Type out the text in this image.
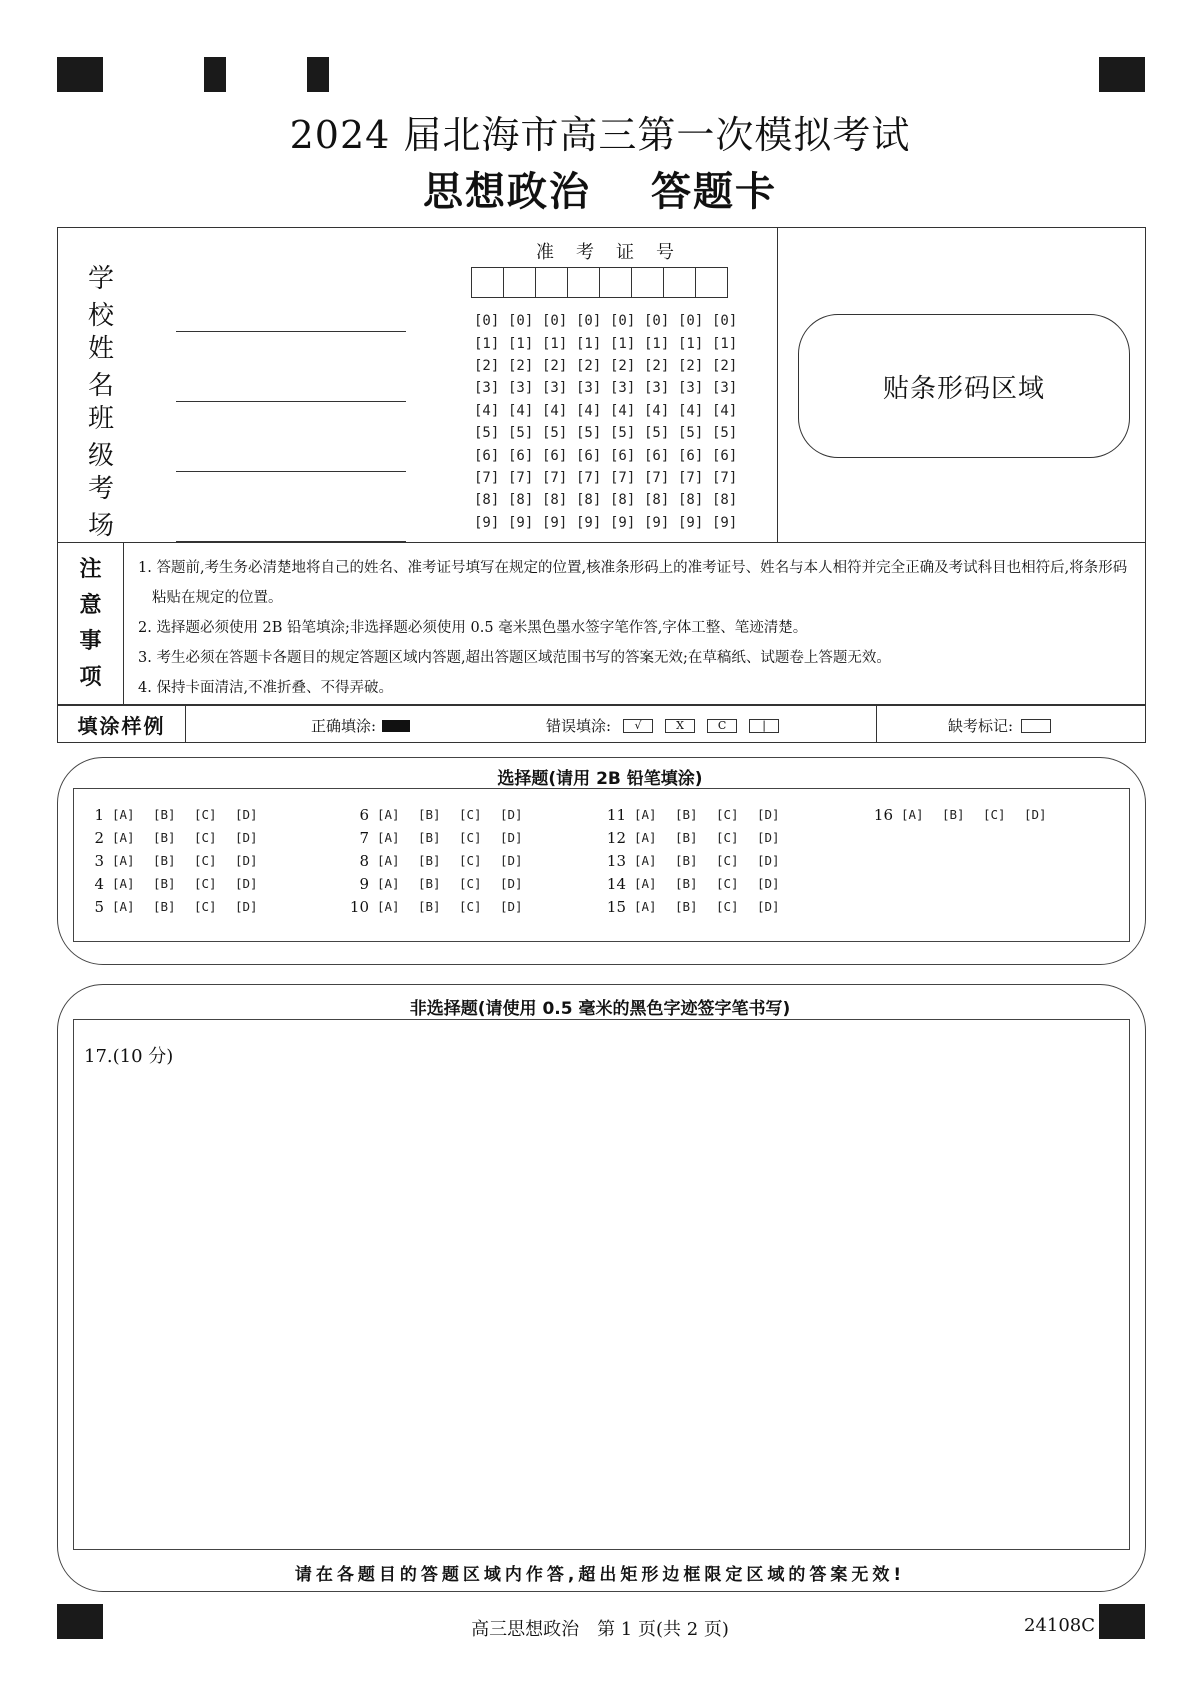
2024 届北海市高三第一次模拟考试
思想政治 答题卡
学校
姓名
班级
考场
准考证号
[0] [0] [0] [0] [0] [0] [0] [0]
[1] [1] [1] [1] [1] [1] [1] [1]
[2] [2] [2] [2] [2] [2] [2] [2]
[3] [3] [3] [3] [3] [3] [3] [3]
[4] [4] [4] [4] [4] [4] [4] [4]
[5] [5] [5] [5] [5] [5] [5] [5]
[6] [6] [6] [6] [6] [6] [6] [6]
[7] [7] [7] [7] [7] [7] [7] [7]
[8] [8] [8] [8] [8] [8] [8] [8]
[9] [9] [9] [9] [9] [9] [9] [9]
贴条形码区域
注
意
事
项
1. 答题前,考生务必清楚地将自己的姓名、准考证号填写在规定的位置,核准条形码上的准考证号、姓名与本人相符并完全正确及考试科目也相符后,将条形码粘贴在规定的位置。
2. 选择题必须使用 2B 铅笔填涂;非选择题必须使用 0.5 毫米黑色墨水签字笔作答,字体工整、笔迹清楚。
3. 考生必须在答题卡各题目的规定答题区域内答题,超出答题区域范围书写的答案无效;在草稿纸、试题卷上答题无效。
4. 保持卡面清洁,不准折叠、不得弄破。
填涂样例	正确填涂:	错误填涂:	√	X	C	|	缺考标记:
选择题(请用 2B 铅笔填涂)
1 [A]	[B]	[C]	[D]
2 [A]	[B]	[C]	[D]
3 [A]	[B]	[C]	[D]
4 [A]	[B]	[C]	[D]
5 [A]	[B]	[C]	[D]
6 [A]	[B]	[C]	[D]
7 [A]	[B]	[C]	[D]
8 [A]	[B]	[C]	[D]
9 [A]	[B]	[C]	[D]
10 [A]	[B]	[C]	[D]
11 [A]	[B]	[C]	[D]
12 [A]	[B]	[C]	[D]
13 [A]	[B]	[C]	[D]
14 [A]	[B]	[C]	[D]
15 [A]	[B]	[C]	[D]
16 [A]	[B]	[C]	[D]
非选择题(请使用 0.5 毫米的黑色字迹签字笔书写)
17.(10 分)
请在各题目的答题区域内作答,超出矩形边框限定区域的答案无效!
高三思想政治　第 1 页(共 2 页)	24108C
